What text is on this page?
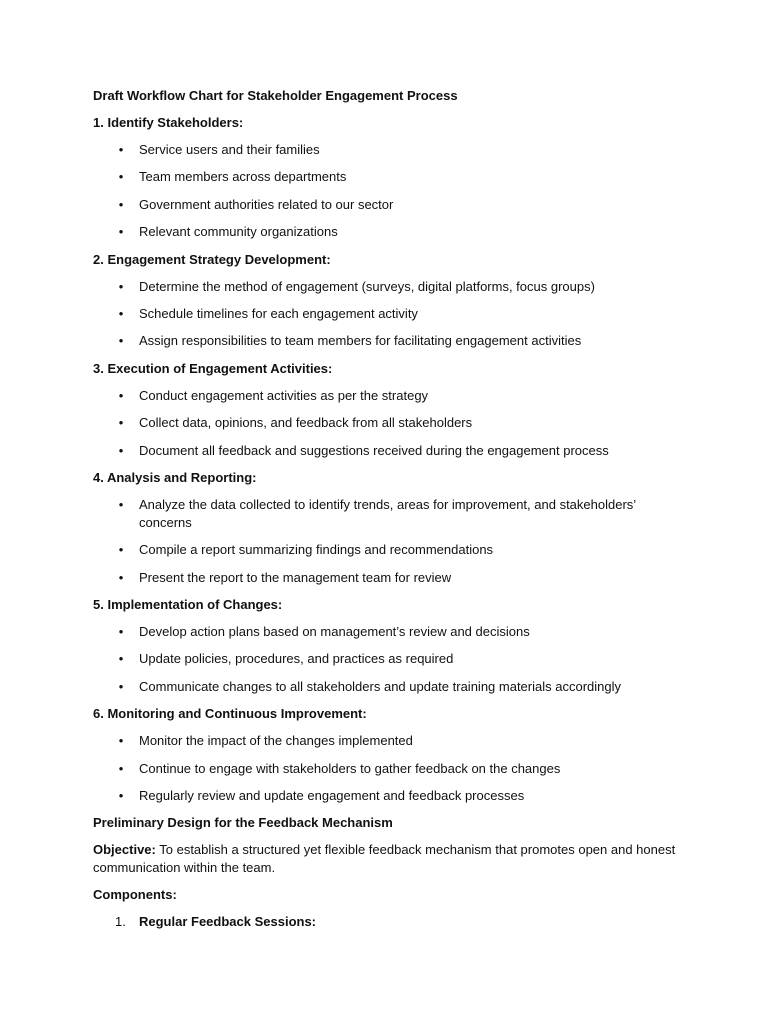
Draft Workflow Chart for Stakeholder Engagement Process
1. Identify Stakeholders:
• Service users and their families
• Team members across departments
• Government authorities related to our sector
• Relevant community organizations
2. Engagement Strategy Development:
• Determine the method of engagement (surveys, digital platforms, focus groups)
• Schedule timelines for each engagement activity
• Assign responsibilities to team members for facilitating engagement activities
3. Execution of Engagement Activities:
• Conduct engagement activities as per the strategy
• Collect data, opinions, and feedback from all stakeholders
• Document all feedback and suggestions received during the engagement process
4. Analysis and Reporting:
• Analyze the data collected to identify trends, areas for improvement, and stakeholders’ concerns
• Compile a report summarizing findings and recommendations
• Present the report to the management team for review
5. Implementation of Changes:
• Develop action plans based on management’s review and decisions
• Update policies, procedures, and practices as required
• Communicate changes to all stakeholders and update training materials accordingly
6. Monitoring and Continuous Improvement:
• Monitor the impact of the changes implemented
• Continue to engage with stakeholders to gather feedback on the changes
• Regularly review and update engagement and feedback processes
Preliminary Design for the Feedback Mechanism
Objective: To establish a structured yet flexible feedback mechanism that promotes open and honest communication within the team.
Components:
1. Regular Feedback Sessions:
